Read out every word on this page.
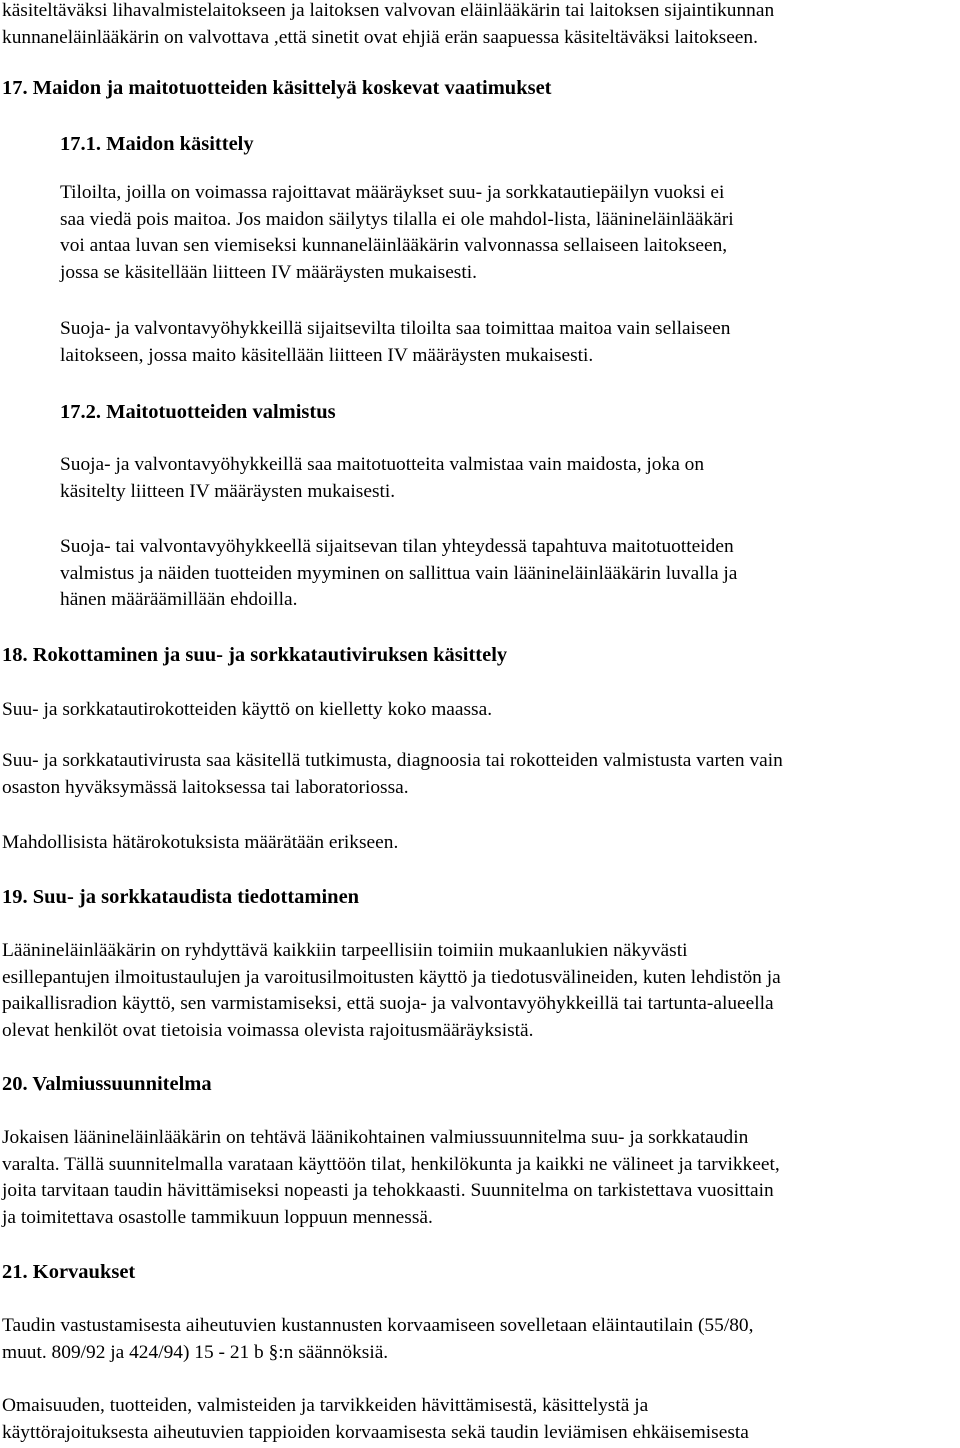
käsiteltäväksi lihavalmistelaitokseen ja laitoksen valvovan eläinlääkärin tai laitoksen sijaintikunnan
kunnaneläinlääkärin on valvottava ,että sinetit ovat ehjiä erän saapuessa käsiteltäväksi laitokseen.
17. Maidon ja maitotuotteiden käsittelyä koskevat vaatimukset
17.1. Maidon käsittely
Tiloilta, joilla on voimassa rajoittavat määräykset suu- ja sorkkatautiepäilyn vuoksi ei
saa viedä pois maitoa. Jos maidon säilytys tilalla ei ole mahdol-lista, läänineläinlääkäri
voi antaa luvan sen viemiseksi kunnaneläinlääkärin valvonnassa sellaiseen laitokseen,
jossa se käsitellään liitteen IV määräysten mukaisesti.
Suoja- ja valvontavyöhykkeillä sijaitsevilta tiloilta saa toimittaa maitoa vain sellaiseen
laitokseen, jossa maito käsitellään liitteen IV määräysten mukaisesti.
17.2. Maitotuotteiden valmistus
Suoja- ja valvontavyöhykkeillä saa maitotuotteita valmistaa vain maidosta, joka on
käsitelty liitteen IV määräysten mukaisesti.
Suoja- tai valvontavyöhykkeellä sijaitsevan tilan yhteydessä tapahtuva maitotuotteiden
valmistus ja näiden tuotteiden myyminen on sallittua vain läänineläinlääkärin luvalla ja
hänen määräämillään ehdoilla.
18. Rokottaminen ja suu- ja sorkkatautiviruksen käsittely
Suu- ja sorkkatautirokotteiden käyttö on kielletty koko maassa.
Suu- ja sorkkatautivirusta saa käsitellä tutkimusta, diagnoosia tai rokotteiden valmistusta varten vain
osaston hyväksymässä laitoksessa tai laboratoriossa.
Mahdollisista hätärokotuksista määrätään erikseen.
19. Suu- ja sorkkataudista tiedottaminen
Läänineläinlääkärin on ryhdyttävä kaikkiin tarpeellisiin toimiin mukaanlukien näkyvästi
esillepantujen ilmoitustaulujen ja varoitusilmoitusten käyttö ja tiedotusvälineiden, kuten lehdistön ja
paikallisradion käyttö, sen varmistamiseksi, että suoja- ja valvontavyöhykkeillä tai tartunta-alueella
olevat henkilöt ovat tietoisia voimassa olevista rajoitusmääräyksistä.
20. Valmiussuunnitelma
Jokaisen läänineläinlääkärin on tehtävä läänikohtainen valmiussuunnitelma suu- ja sorkkataudin
varalta. Tällä suunnitelmalla varataan käyttöön tilat, henkilökunta ja kaikki ne välineet ja tarvikkeet,
joita tarvitaan taudin hävittämiseksi nopeasti ja tehokkaasti. Suunnitelma on tarkistettava vuosittain
ja toimitettava osastolle tammikuun loppuun mennessä.
21. Korvaukset
Taudin vastustamisesta aiheutuvien kustannusten korvaamiseen sovelletaan eläintautilain (55/80,
muut. 809/92 ja 424/94) 15 - 21 b §:n säännöksiä.
Omaisuuden, tuotteiden, valmisteiden ja tarvikkeiden hävittämisestä, käsittelystä ja
käyttörajoituksesta aiheutuvien tappioiden korvaamisesta sekä taudin leviämisen ehkäisemisesta
